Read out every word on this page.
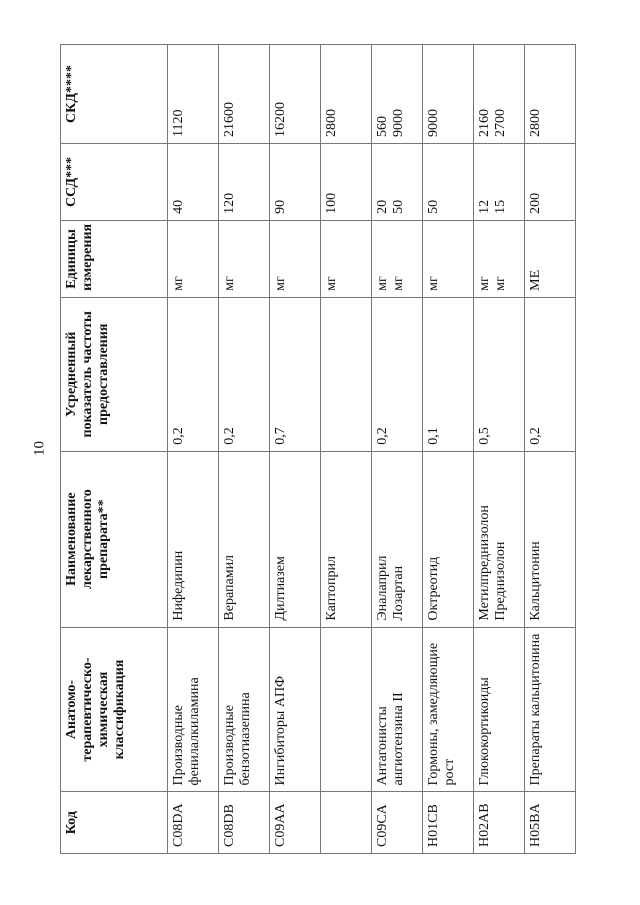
10
Код	Анатомо-терапевтическо-химическая классификация	Наименование лекарственного препарата**	Усредненный показатель частоты предоставления	Единицы измерения	ССД***	СКД****
C08DA	Производные фенилалкиламина	Нифедипин	0,2	мг	40	1120

C08DB	Производные бензотиазепина	Верапамил	0,2	мг	120	21600

C09AA	Ингибиторы АПФ	Дилтиазем	0,7	мг	90	16200

		Каптоприл		мг	100	2800

C09CA	Антагонисты ангиотензина II	Эналаприл Лозартан	0,2	мг мг	20 50	560 9000

H01CB	Гормоны, замедляющие рост	Октреотид	0,1	мг	50	9000

H02AB	Глюкокортикоиды	Метилпреднизолон Преднизолон	0,5	мг мг	12 15	2160 2700

H05BA	Препараты кальцитонина	Кальцитонин	0,2	МЕ	200	2800
